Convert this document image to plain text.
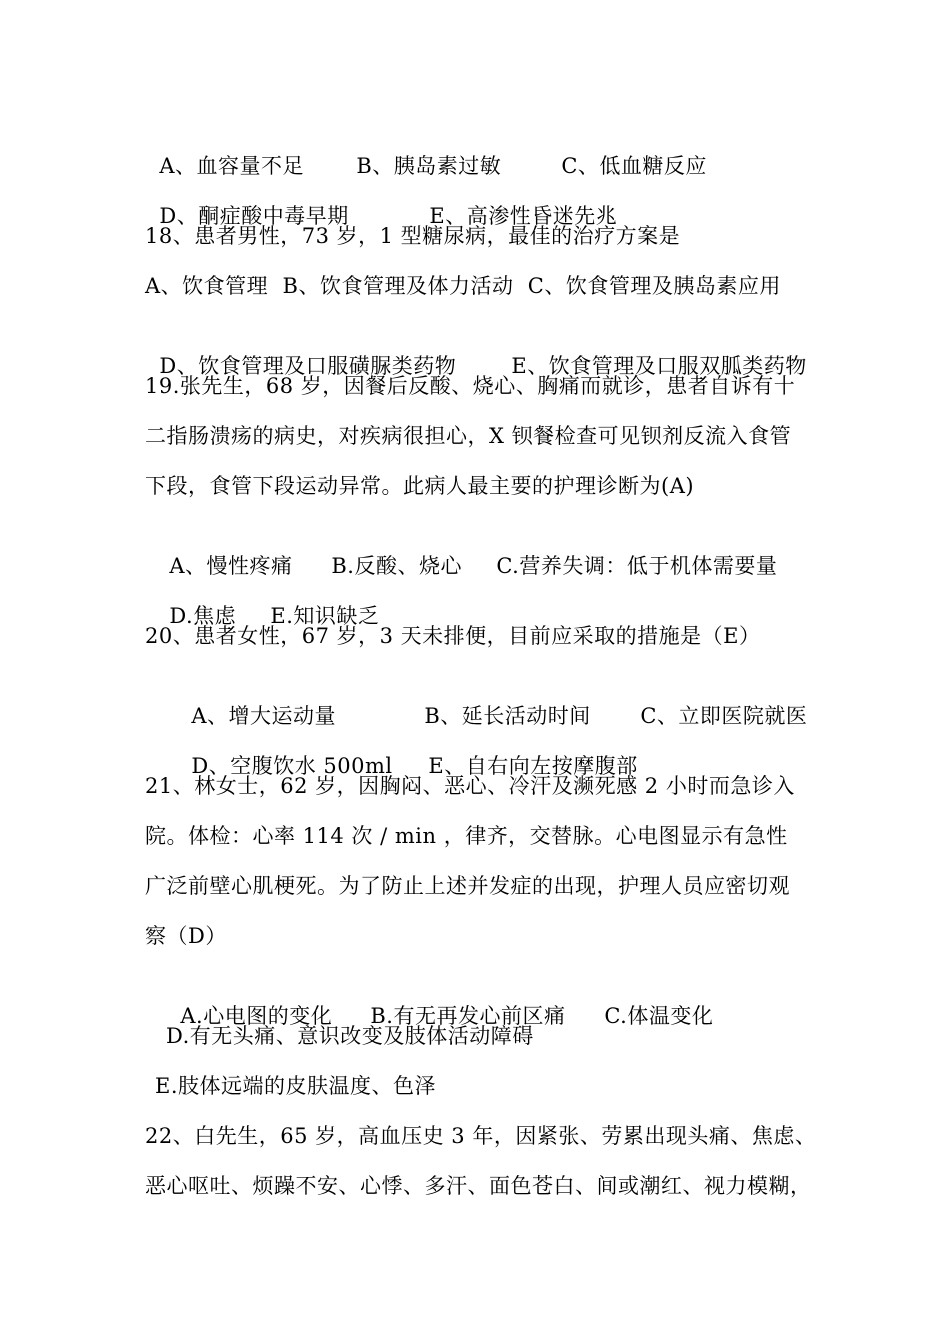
A、血容量不足 B、胰岛素过敏	C、低血糖反应

D、酮症酸中毒早期	E、高渗性昏迷先兆

18、患者男性，73 岁，1 型糖尿病，最佳的治疗方案是
A、饮食管理  B、饮食管理及体力活动  C、饮食管理及胰岛素应用

D、饮食管理及口服磺脲类药物	E、饮食管理及口服双胍类药物

19.张先生，68 岁，因餐后反酸、烧心、胸痛而就诊，患者自诉有十
二指肠溃疡的病史，对疾病很担心，X 钡餐检查可见钡剂反流入食管
下段，食管下段运动异常。此病人最主要的护理诊断为(A)

A、慢性疼痛 B.反酸、烧心 C.营养失调：低于机体需要量

D.焦虑 E.知识缺乏

20、患者女性，67 岁，3 天未排便，目前应采取的措施是（E）

A、增大运动量	B、延长活动时间 C、立即医院就医

D、空腹饮水 500ml E、自右向左按摩腹部

21、林女士，62 岁，因胸闷、恶心、冷汗及濒死感 2 小时而急诊入
院。体检：心率 114 次 / min ，律齐，交替脉。心电图显示有急性
广泛前壁心肌梗死。为了防止上述并发症的出现，护理人员应密切观
察（D）

A.心电图的变化 B.有无再发心前区痛 C.体温变化

D.有无头痛、意识改变及肢体活动障碍
E.肢体远端的皮肤温度、色泽
22、白先生，65 岁，高血压史 3 年，因紧张、劳累出现头痛、焦虑、
恶心呕吐、烦躁不安、心悸、多汗、面色苍白、间或潮红、视力模糊，
